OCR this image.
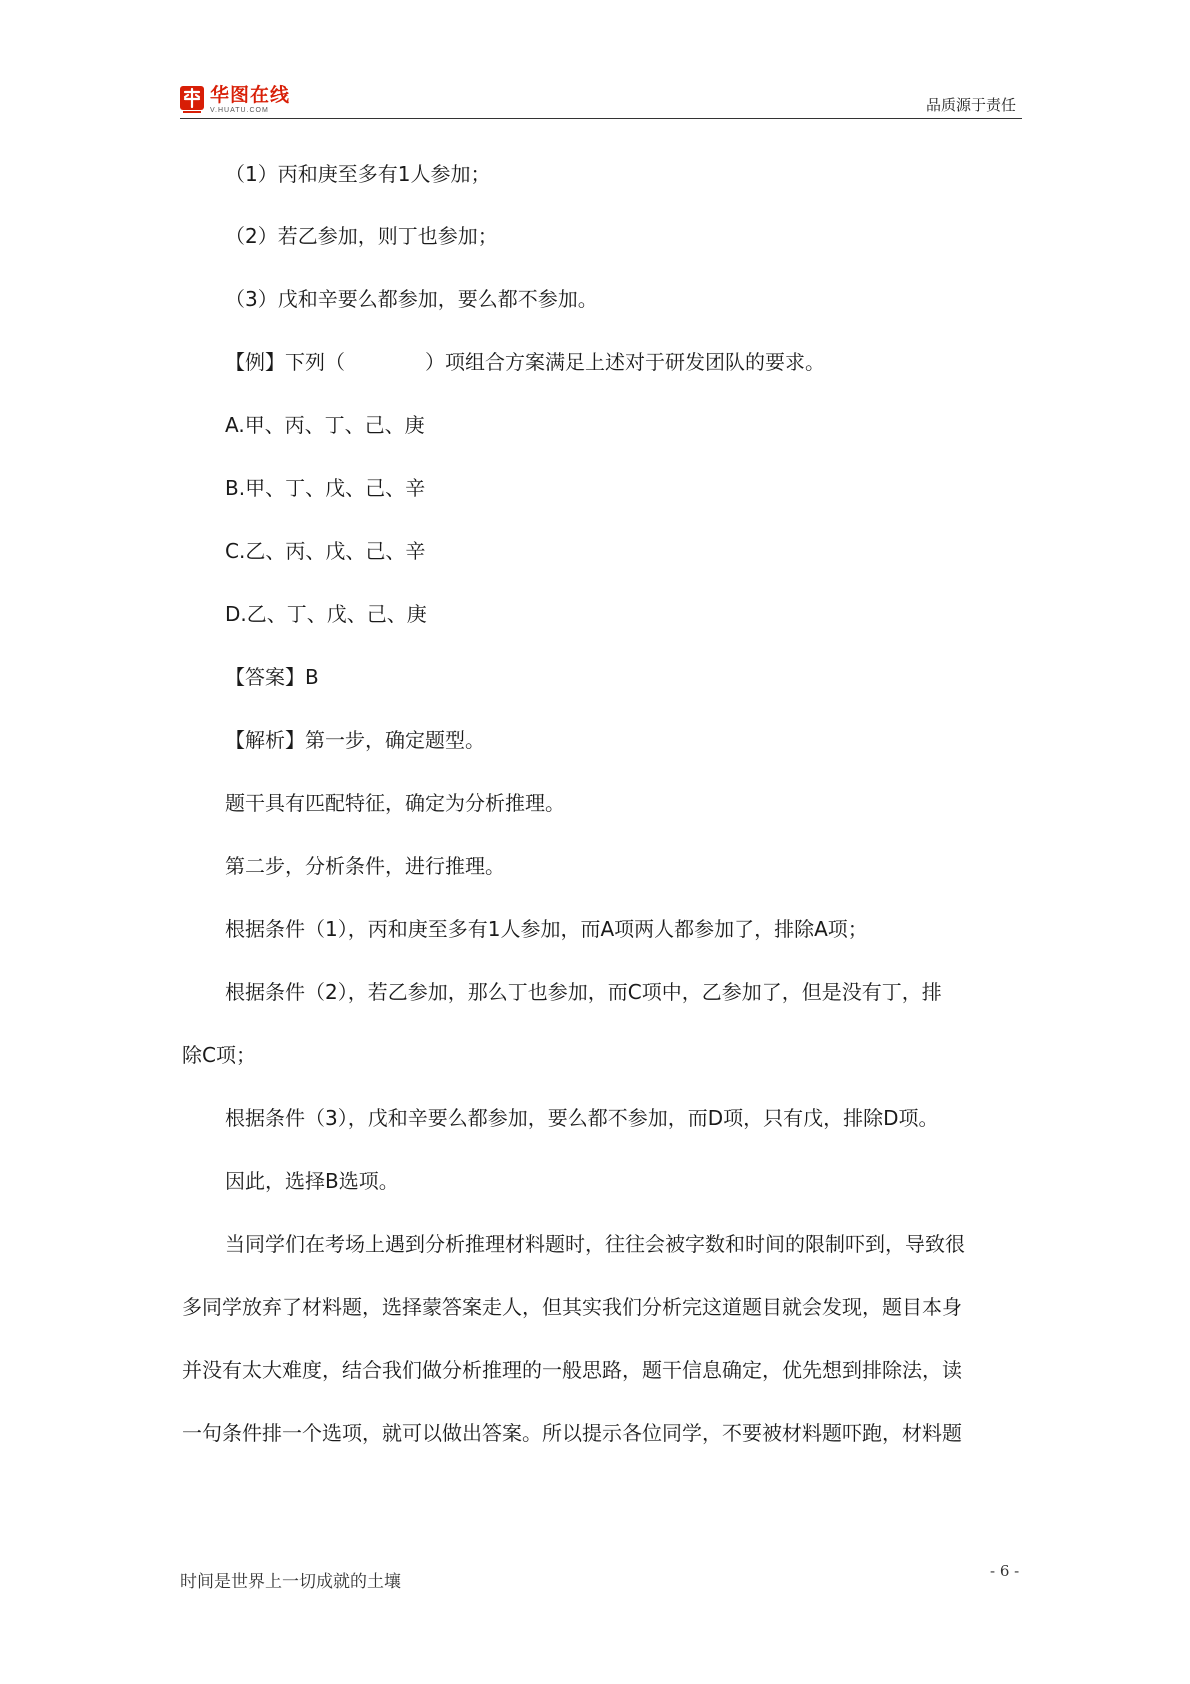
华图在线
V.HUATU.COM	品质源于责任

（1）丙和庚至多有1人参加；

（2）若乙参加，则丁也参加；

（3）戊和辛要么都参加，要么都不参加。

【例】下列（　　　　）项组合方案满足上述对于研发团队的要求。

A.甲、丙、丁、己、庚

B.甲、丁、戊、己、辛

C.乙、丙、戊、己、辛

D.乙、丁、戊、己、庚

【答案】B

【解析】第一步，确定题型。

题干具有匹配特征，确定为分析推理。

第二步，分析条件，进行推理。

根据条件（1），丙和庚至多有1人参加，而A项两人都参加了，排除A项；

根据条件（2），若乙参加，那么丁也参加，而C项中，乙参加了，但是没有丁，排

除C项；

根据条件（3），戊和辛要么都参加，要么都不参加，而D项，只有戊，排除D项。

因此，选择B选项。

当同学们在考场上遇到分析推理材料题时，往往会被字数和时间的限制吓到，导致很

多同学放弃了材料题，选择蒙答案走人，但其实我们分析完这道题目就会发现，题目本身

并没有太大难度，结合我们做分析推理的一般思路，题干信息确定，优先想到排除法，读

一句条件排一个选项，就可以做出答案。所以提示各位同学，不要被材料题吓跑，材料题

时间是世界上一切成就的土壤
- 6 -
